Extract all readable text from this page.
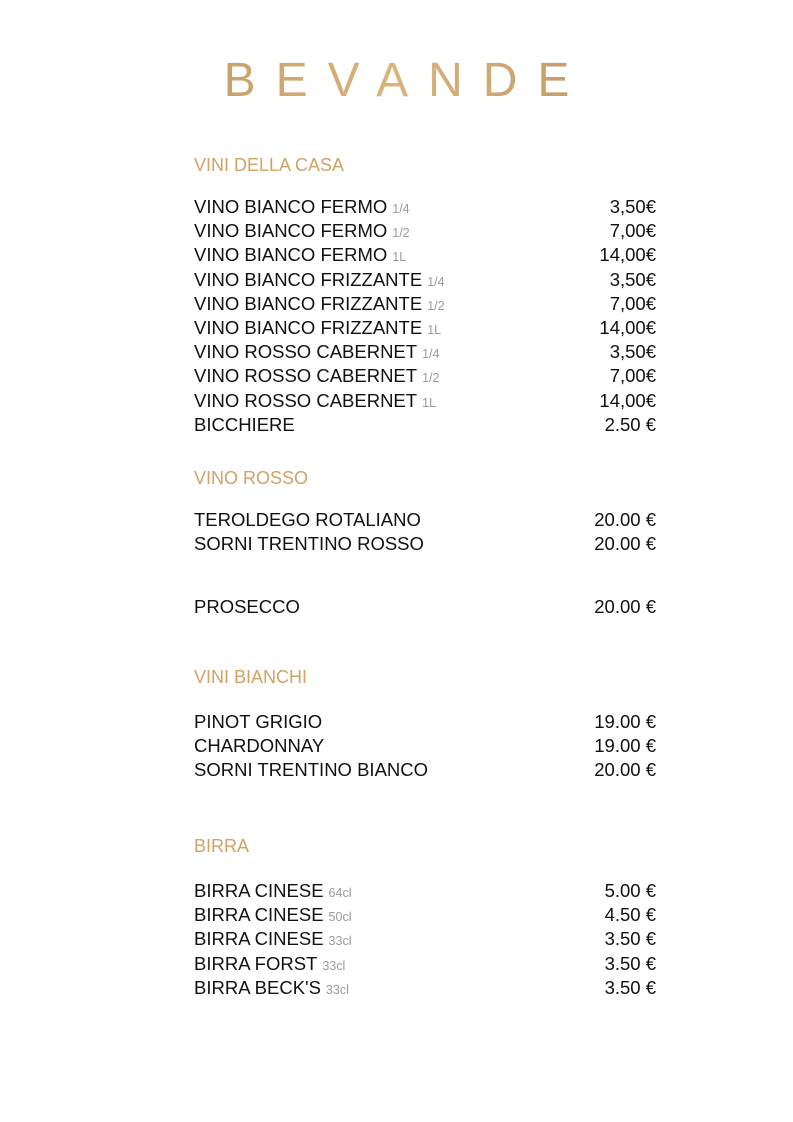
BEVANDE
VINI DELLA CASA
VINO BIANCO FERMO 1/4	3,50€
VINO BIANCO FERMO 1/2	7,00€
VINO BIANCO FERMO 1L	14,00€
VINO BIANCO FRIZZANTE 1/4	3,50€
VINO BIANCO FRIZZANTE 1/2	7,00€
VINO BIANCO FRIZZANTE 1L	14,00€
VINO ROSSO CABERNET 1/4	3,50€
VINO ROSSO CABERNET 1/2	7,00€
VINO ROSSO CABERNET 1L	14,00€
BICCHIERE	2.50 €
VINO ROSSO
TEROLDEGO ROTALIANO	20.00 €
SORNI TRENTINO ROSSO	20.00 €
PROSECCO	20.00 €
VINI BIANCHI
PINOT GRIGIO	19.00 €
CHARDONNAY	19.00 €
SORNI TRENTINO BIANCO	20.00 €
BIRRA
BIRRA CINESE 64cl	5.00 €
BIRRA CINESE 50cl	4.50 €
BIRRA CINESE 33cl	3.50 €
BIRRA FORST 33cl	3.50 €
BIRRA BECK'S 33cl	3.50 €
